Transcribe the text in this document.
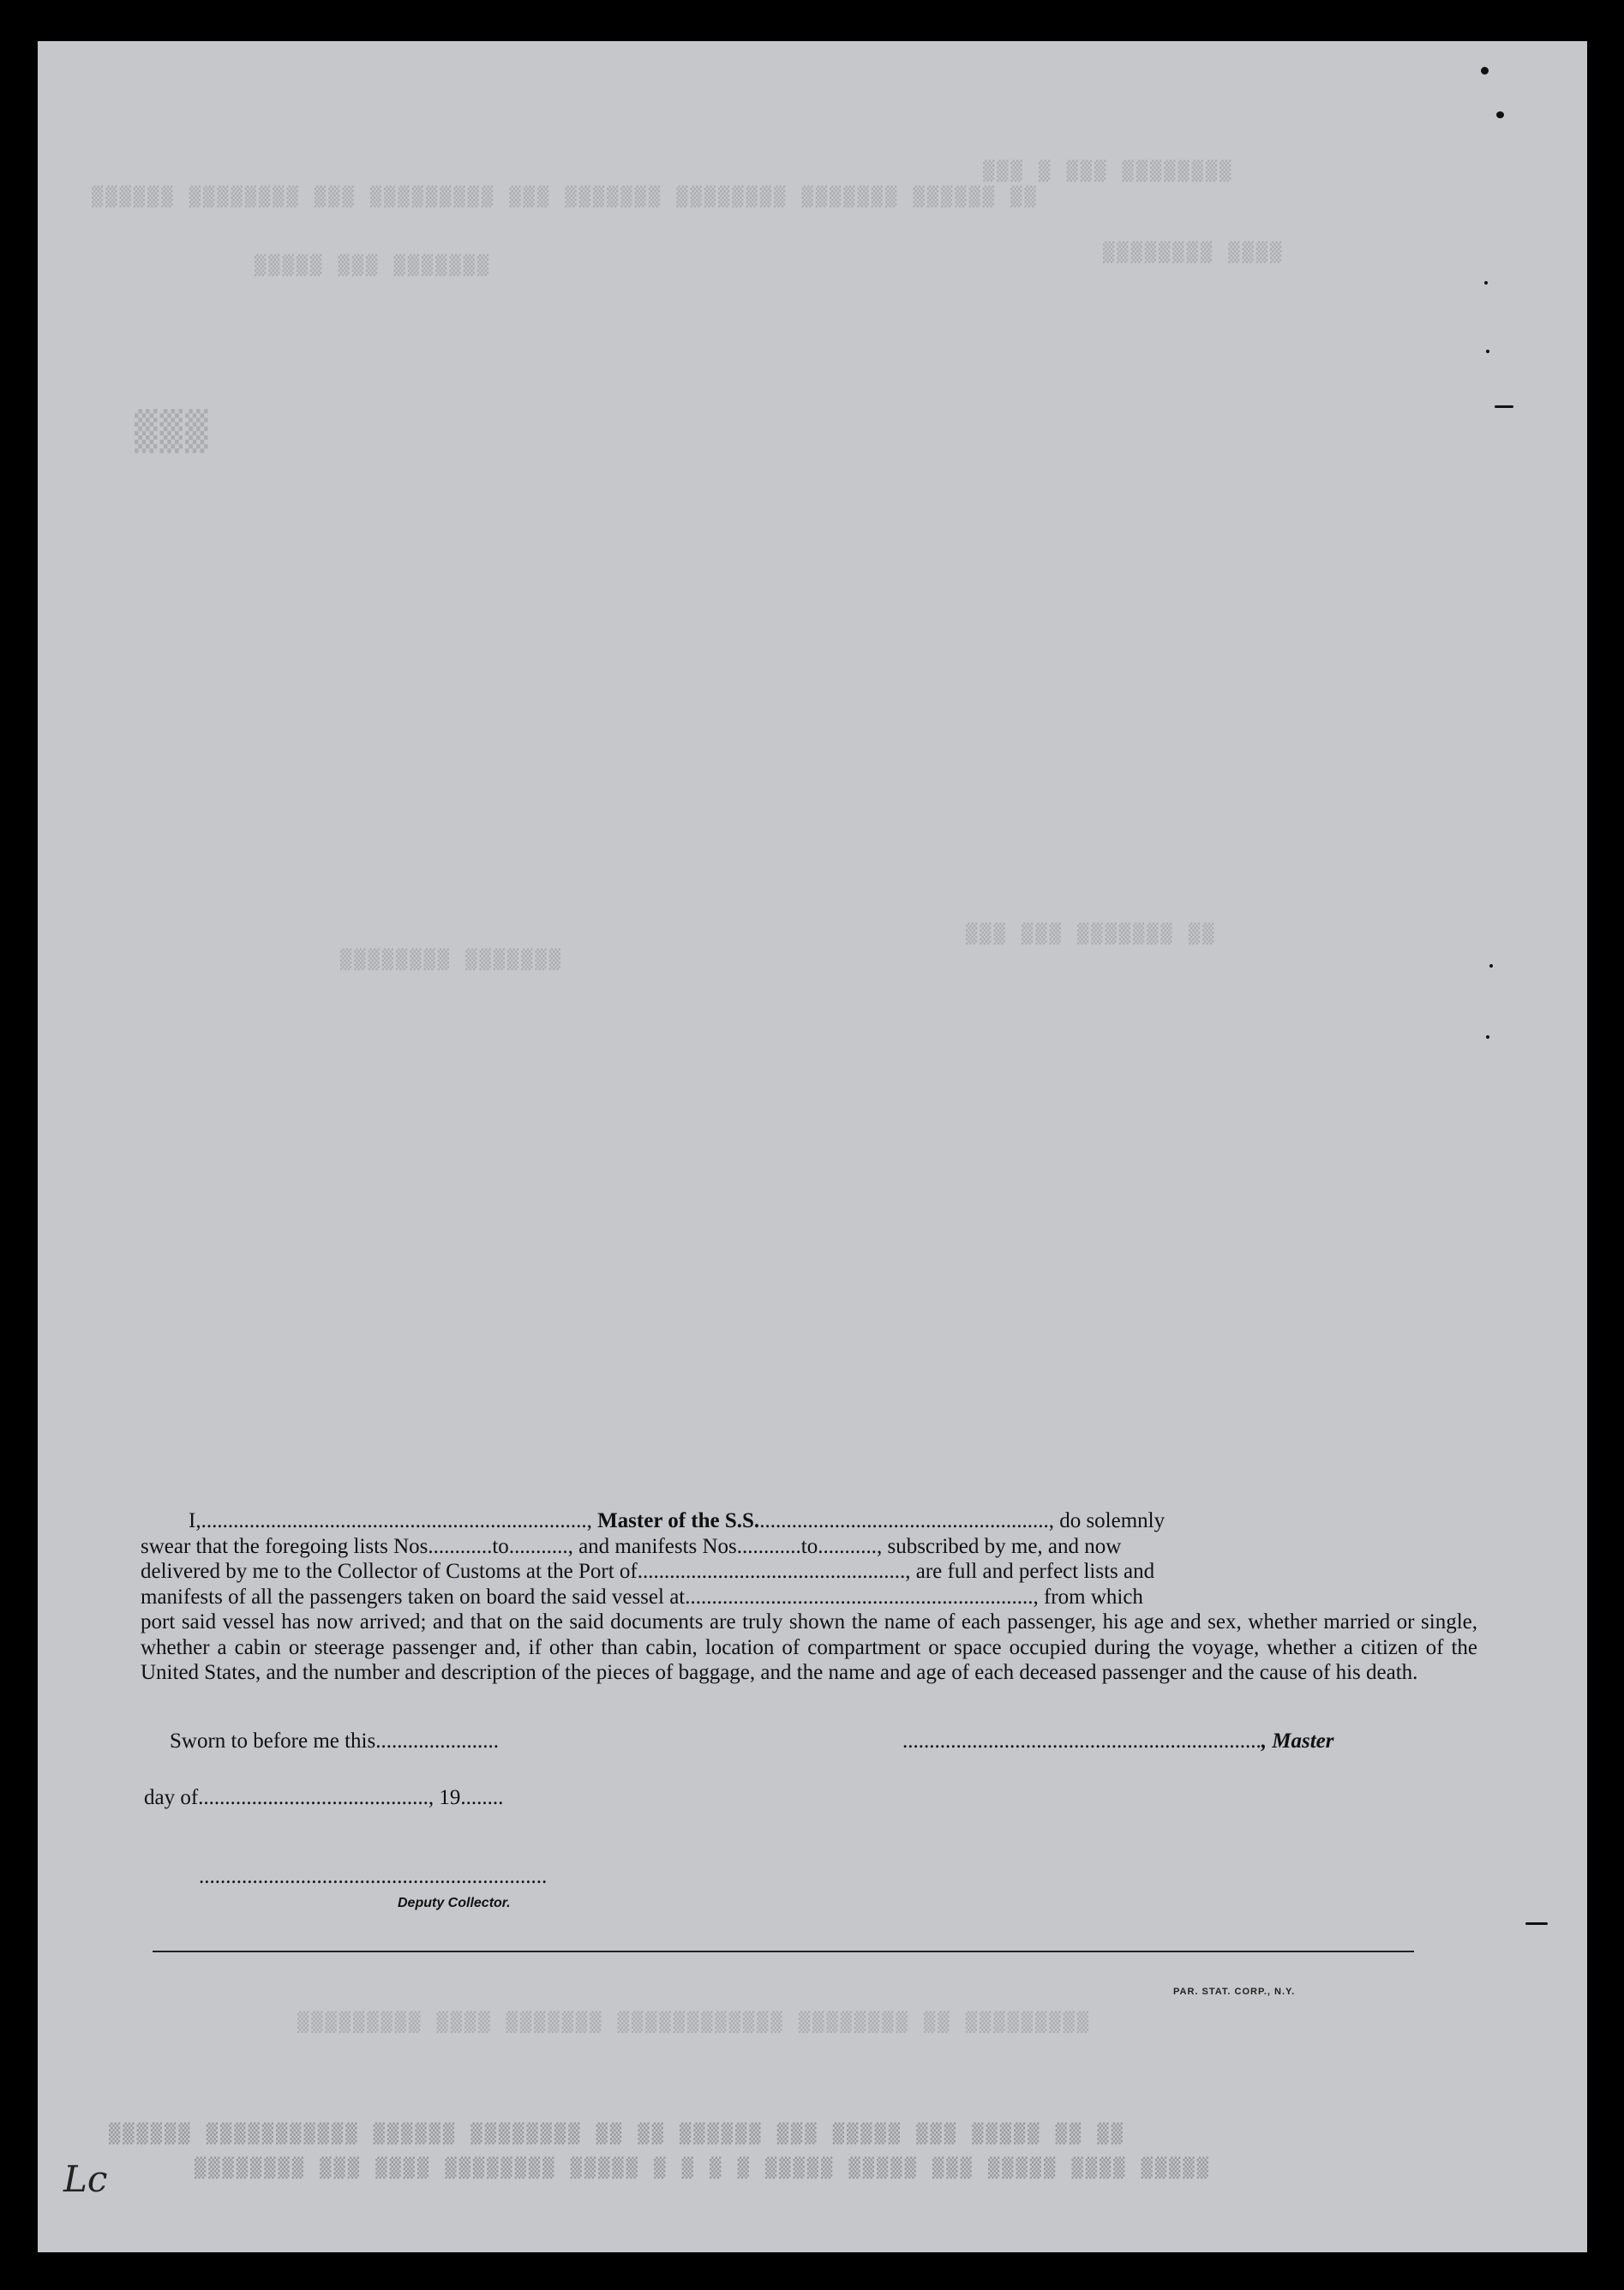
▒▒ ▒▒▒▒▒▒ ▒▒▒▒▒▒▒ ▒▒▒▒▒▒▒▒ ▒▒▒▒▒▒▒ ▒▒▒ ▒▒▒▒▒▒▒▒▒ ▒▒▒ ▒▒▒▒▒▒▒▒ ▒▒▒▒▒▒
▒▒▒▒▒▒▒▒ ▒▒▒ ▒ ▒▒▒
▒▒▒▒ ▒▒▒▒▒▒▒▒
▒▒▒▒▒▒▒ ▒▒▒ ▒▒▒▒▒
▒▒▒
▒▒ ▒▒▒▒▒▒▒ ▒▒▒ ▒▒▒
▒▒▒▒▒▒▒ ▒▒▒▒▒▒▒▒
▒▒▒▒▒▒▒▒▒ ▒▒ ▒▒▒▒▒▒▒▒ ▒▒▒▒▒▒▒▒▒▒▒▒ ▒▒▒▒▒▒▒ ▒▒▒▒ ▒▒▒▒▒▒▒▒▒
▒▒ ▒▒ ▒▒▒▒▒ ▒▒▒ ▒▒▒▒▒ ▒▒▒ ▒▒▒▒▒▒ ▒▒ ▒▒ ▒▒▒▒▒▒▒▒ ▒▒▒▒▒▒ ▒▒▒▒▒▒▒▒▒▒▒ ▒▒▒▒▒▒
▒▒▒▒▒ ▒▒▒▒ ▒▒▒▒▒ ▒▒▒ ▒▒▒▒▒ ▒▒▒▒▒ ▒ ▒ ▒ ▒ ▒▒▒▒▒ ▒▒▒▒▒▒▒▒ ▒▒▒▒ ▒▒▒ ▒▒▒▒▒▒▒▒
I,........................................................................, Master of the S.S......................................................., do solemnly
swear that the foregoing lists Nos............to..........., and manifests Nos............to..........., subscribed by me, and now
delivered by me to the Collector of Customs at the Port of.................................................., are full and perfect lists and
manifests of all the passengers taken on board the said vessel at................................................................., from which
port said vessel has now arrived; and that on the said documents are truly shown the name of each passenger, his age and sex, whether married or single, whether a cabin or steerage passenger and, if other than cabin, location of compartment or space occupied during the voyage, whether a citizen of the United States, and the number and description of the pieces of baggage, and the name and age of each deceased passenger and the cause of his death.
Sworn to before me this.......................	..................................................................., Master
day of..........................................., 19........
.................................................................
Deputy Collector.
PAR. STAT. CORP., N.Y.
Lc
